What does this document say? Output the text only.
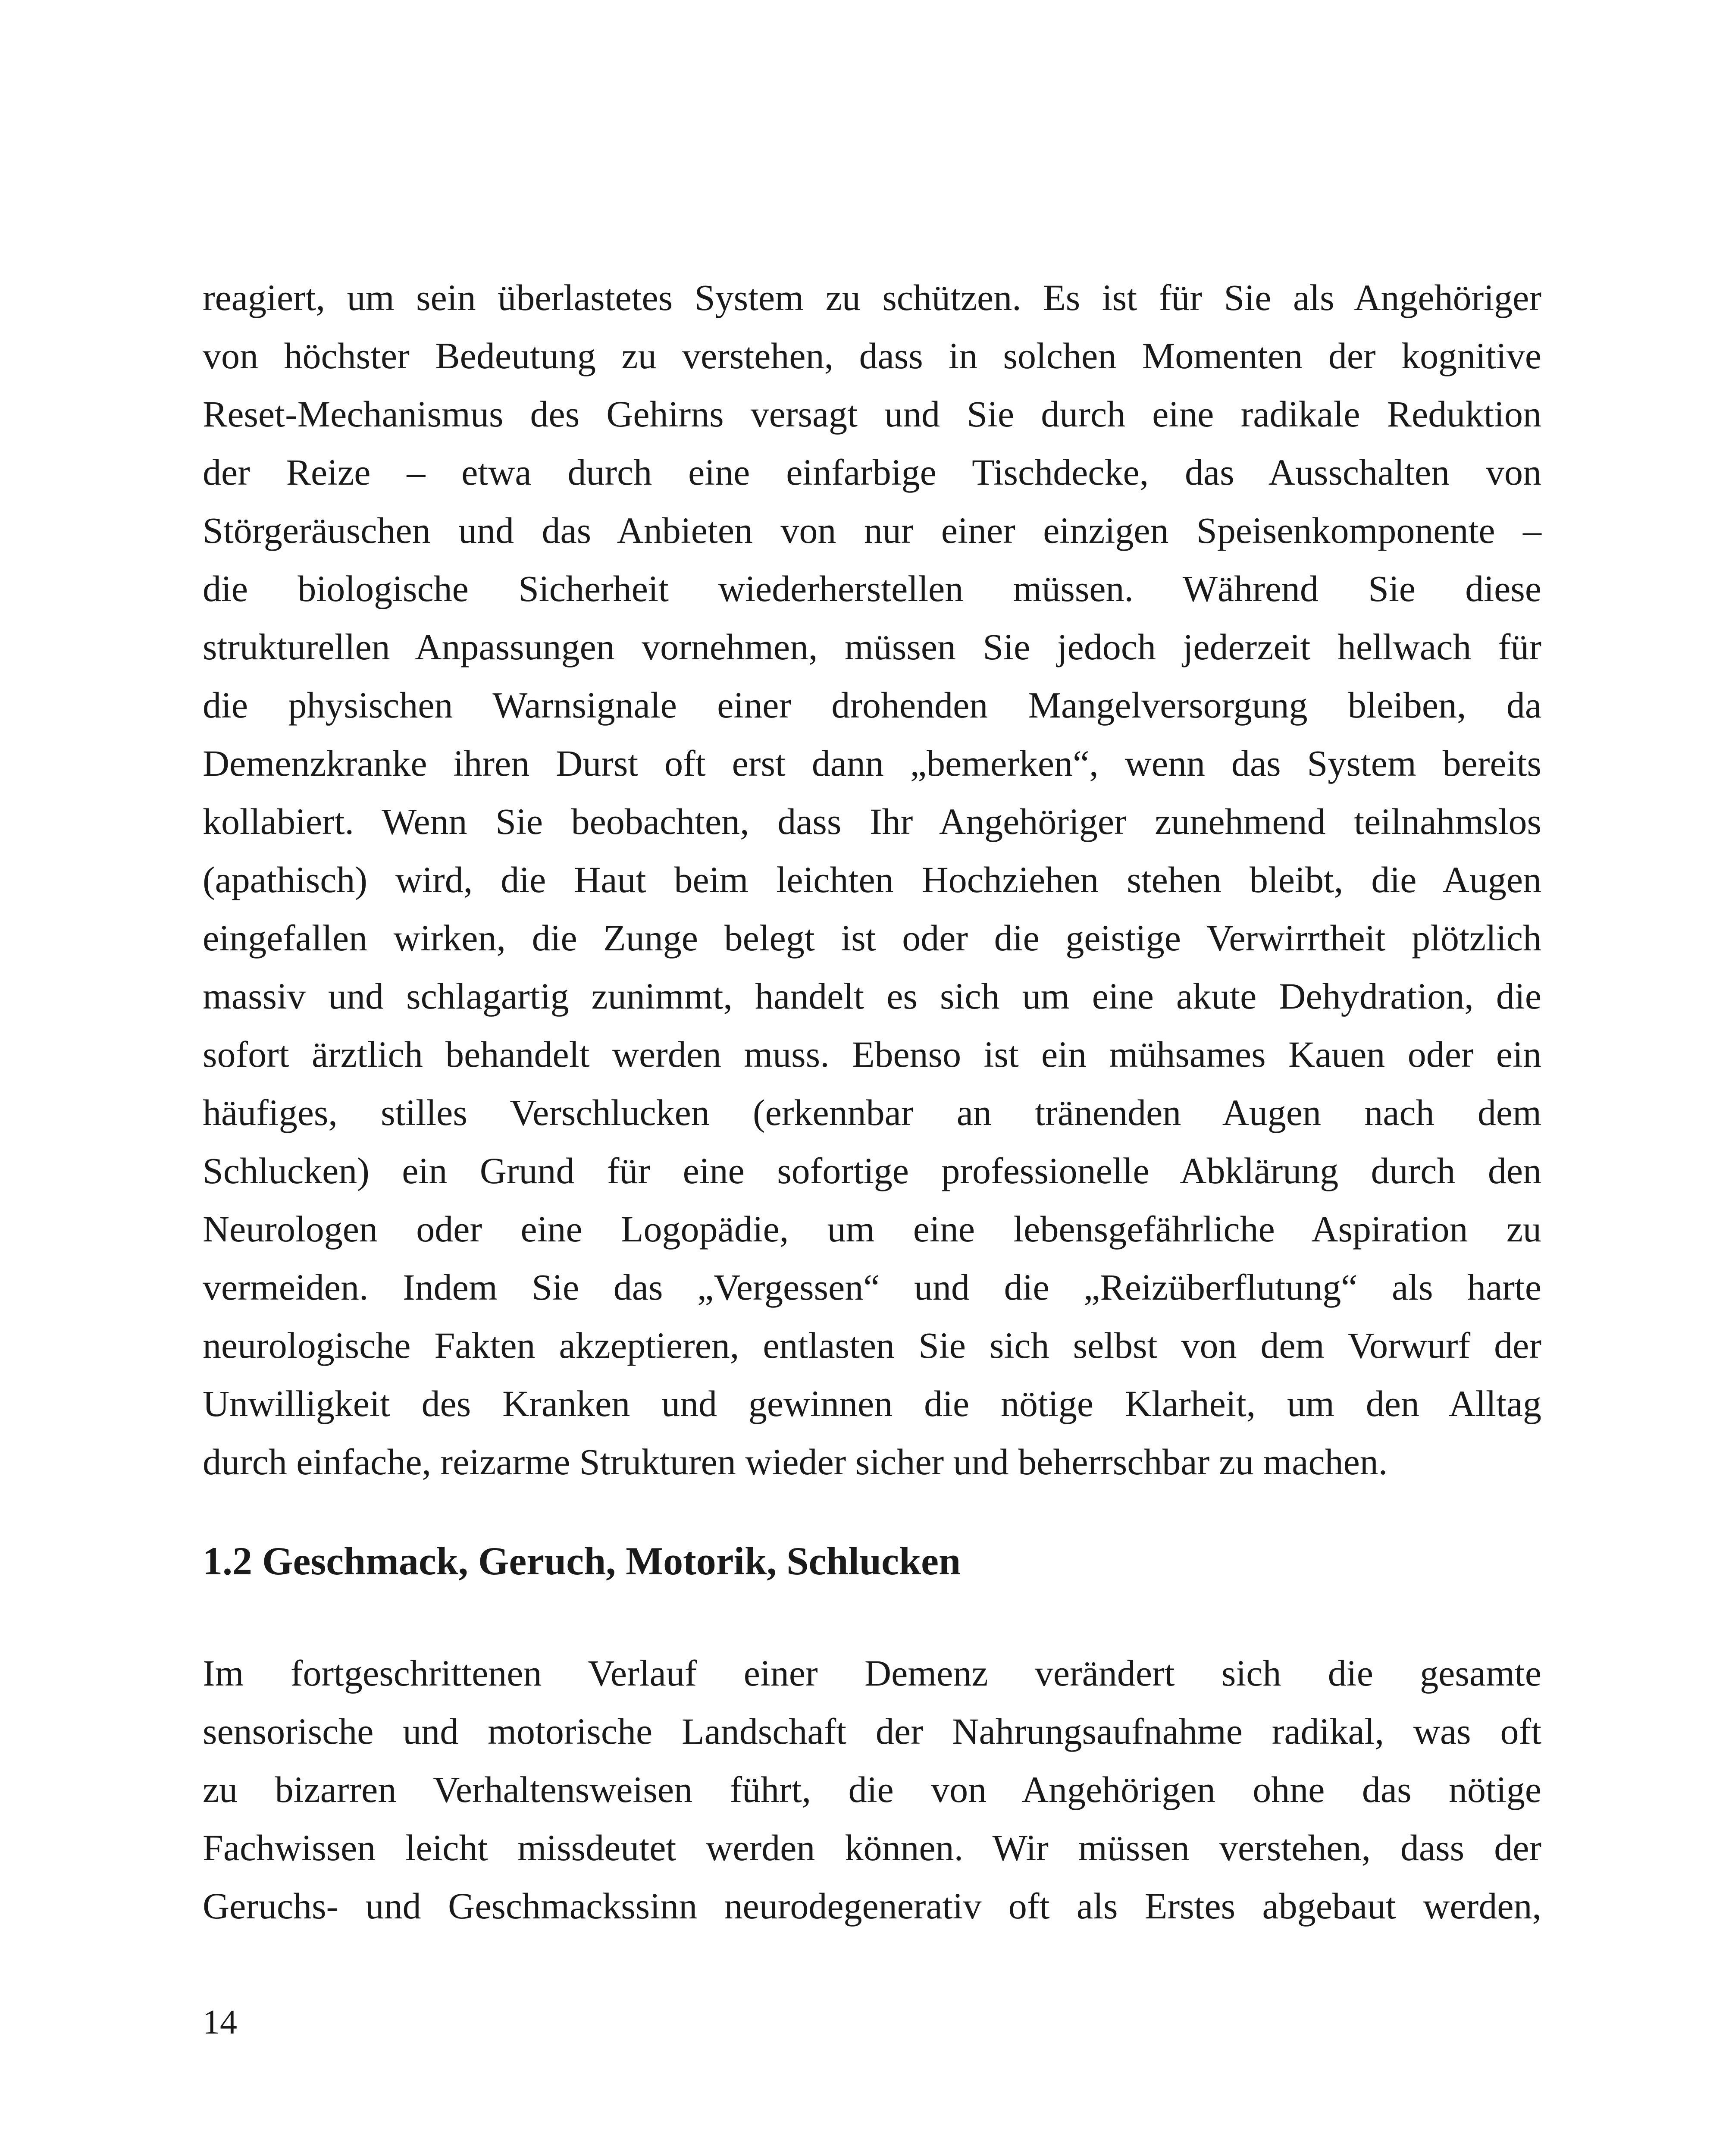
reagiert, um sein überlastetes System zu schützen. Es ist für Sie als Angehöriger
von höchster Bedeutung zu verstehen, dass in solchen Momenten der kognitive
Reset-Mechanismus des Gehirns versagt und Sie durch eine radikale Reduktion
der Reize – etwa durch eine einfarbige Tischdecke, das Ausschalten von
Störgeräuschen und das Anbieten von nur einer einzigen Speisenkomponente –
die biologische Sicherheit wiederherstellen müssen. Während Sie diese
strukturellen Anpassungen vornehmen, müssen Sie jedoch jederzeit hellwach für
die physischen Warnsignale einer drohenden Mangelversorgung bleiben, da
Demenzkranke ihren Durst oft erst dann „bemerken“, wenn das System bereits
kollabiert. Wenn Sie beobachten, dass Ihr Angehöriger zunehmend teilnahmslos
(apathisch) wird, die Haut beim leichten Hochziehen stehen bleibt, die Augen
eingefallen wirken, die Zunge belegt ist oder die geistige Verwirrtheit plötzlich
massiv und schlagartig zunimmt, handelt es sich um eine akute Dehydration, die
sofort ärztlich behandelt werden muss. Ebenso ist ein mühsames Kauen oder ein
häufiges, stilles Verschlucken (erkennbar an tränenden Augen nach dem
Schlucken) ein Grund für eine sofortige professionelle Abklärung durch den
Neurologen oder eine Logopädie, um eine lebensgefährliche Aspiration zu
vermeiden. Indem Sie das „Vergessen“ und die „Reizüberflutung“ als harte
neurologische Fakten akzeptieren, entlasten Sie sich selbst von dem Vorwurf der
Unwilligkeit des Kranken und gewinnen die nötige Klarheit, um den Alltag
durch einfache, reizarme Strukturen wieder sicher und beherrschbar zu machen.
1.2 Geschmack, Geruch, Motorik, Schlucken
Im fortgeschrittenen Verlauf einer Demenz verändert sich die gesamte
sensorische und motorische Landschaft der Nahrungsaufnahme radikal, was oft
zu bizarren Verhaltensweisen führt, die von Angehörigen ohne das nötige
Fachwissen leicht missdeutet werden können. Wir müssen verstehen, dass der
Geruchs- und Geschmackssinn neurodegenerativ oft als Erstes abgebaut werden,
14
